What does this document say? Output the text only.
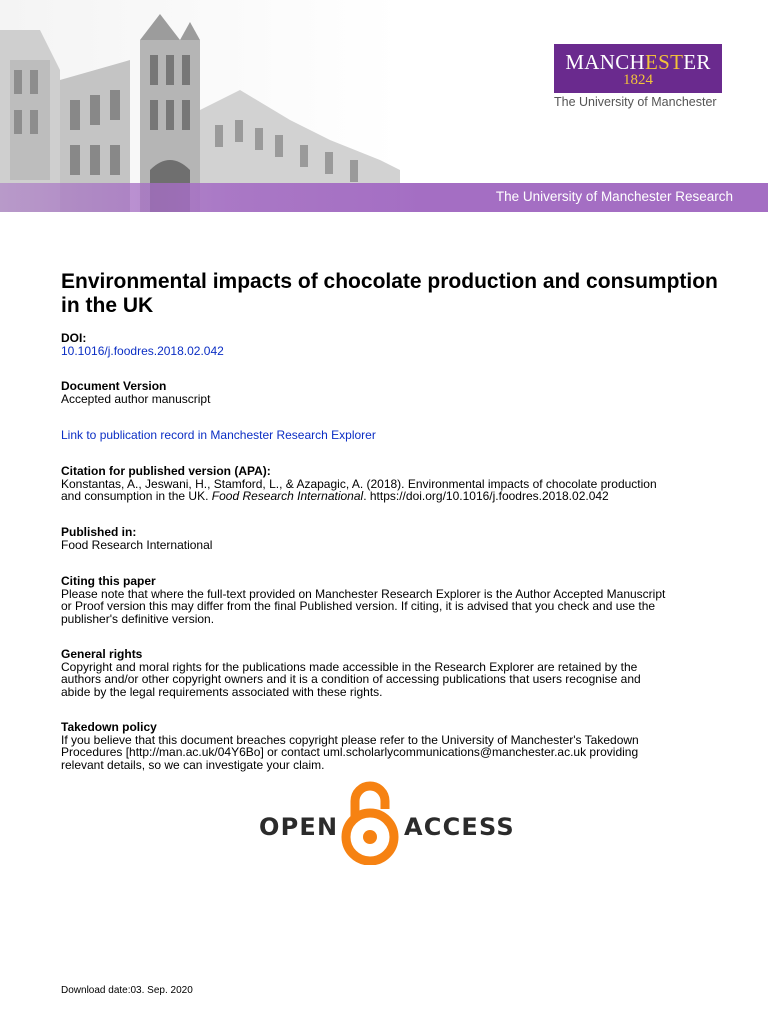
MANCHESTER
1824
The University of Manchester
The University of Manchester Research
Environmental impacts of chocolate production and consumption in the UK
DOI:
10.1016/j.foodres.2018.02.042
Document Version
Accepted author manuscript
Link to publication record in Manchester Research Explorer
Citation for published version (APA):
Konstantas, A., Jeswani, H., Stamford, L., & Azapagic, A. (2018). Environmental impacts of chocolate production
and consumption in the UK. Food Research International. https://doi.org/10.1016/j.foodres.2018.02.042
Published in:
Food Research International
Citing this paper
Please note that where the full-text provided on Manchester Research Explorer is the Author Accepted Manuscript
or Proof version this may differ from the final Published version. If citing, it is advised that you check and use the
publisher's definitive version.
General rights
Copyright and moral rights for the publications made accessible in the Research Explorer are retained by the
authors and/or other copyright owners and it is a condition of accessing publications that users recognise and
abide by the legal requirements associated with these rights.
Takedown policy
If you believe that this document breaches copyright please refer to the University of Manchester's Takedown
Procedures [http://man.ac.uk/04Y6Bo] or contact uml.scholarlycommunications@manchester.ac.uk providing
relevant details, so we can investigate your claim.
OPEN	ACCESS
Download date:03. Sep. 2020
